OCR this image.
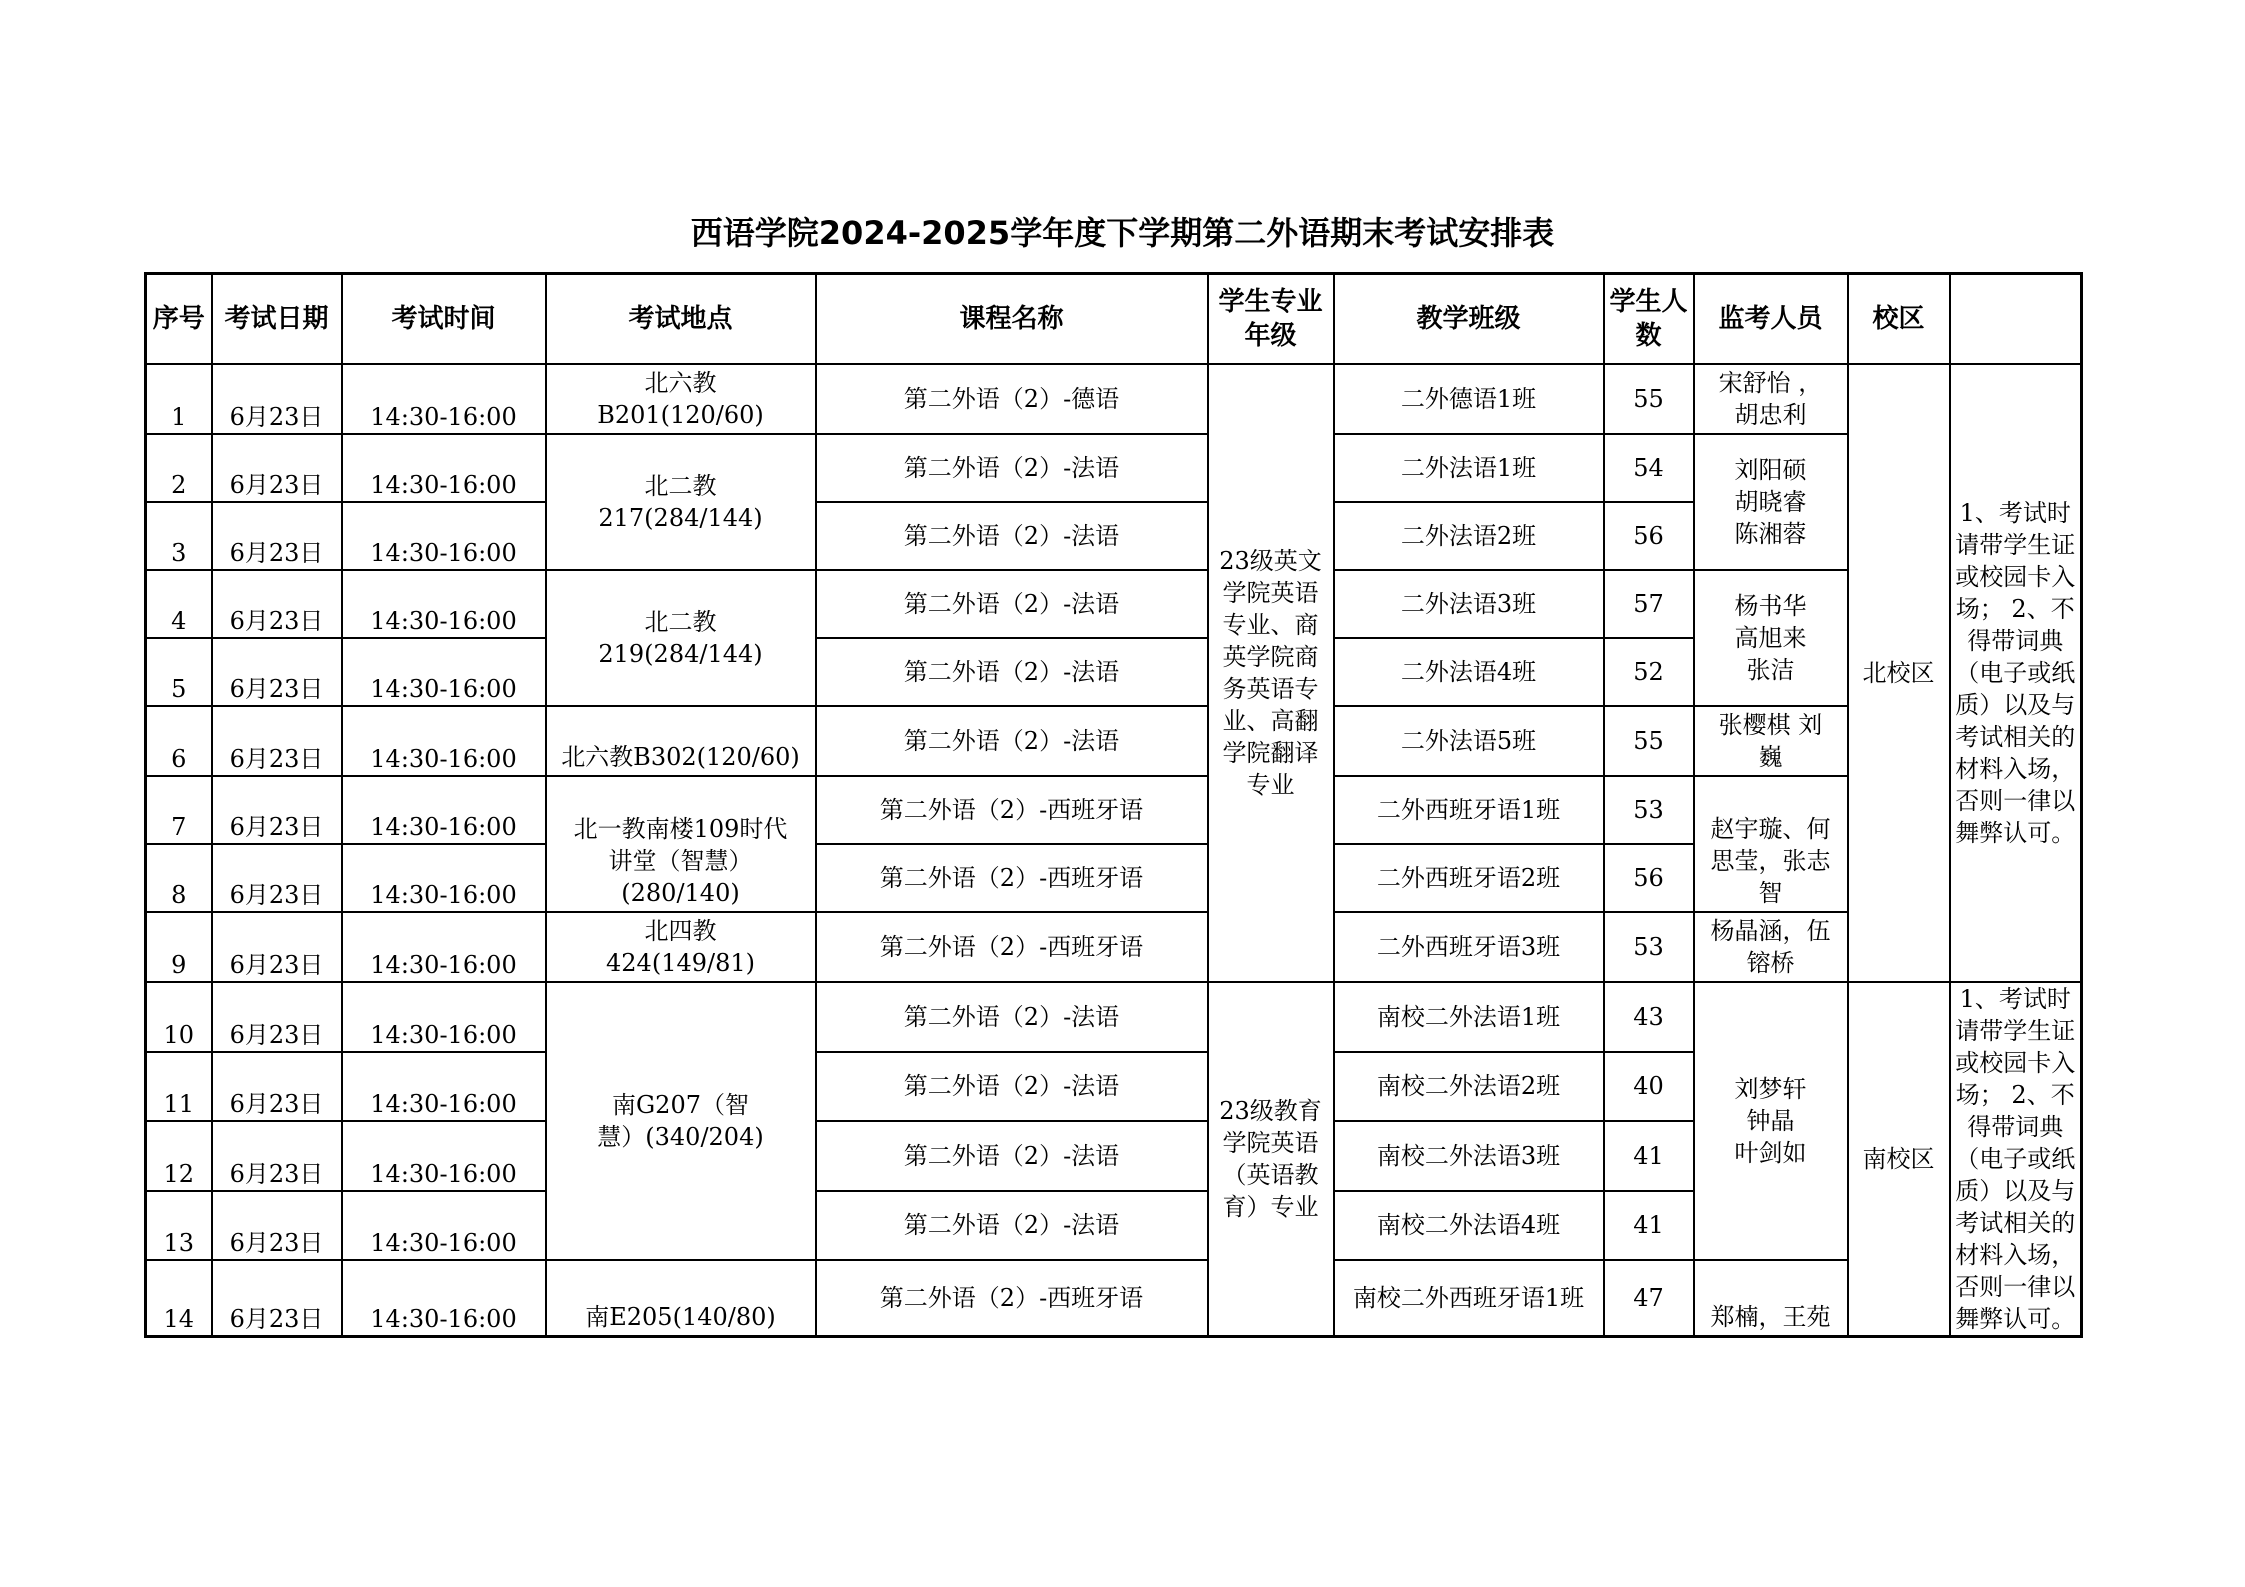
西语学院2024-2025学年度下学期第二外语期末考试安排表
序号	考试日期	考试时间	考试地点	课程名称	学生专业年级	教学班级	学生人数	监考人员	校区	
1	6月23日	14:30-16:00	北六教
B201(120/60)	第二外语（2）-德语	23级英文学院英语专业、商英学院商务英语专业、高翻学院翻译专业	二外德语1班	55	宋舒怡 ，
胡忠利	北校区	1、考试时请带学生证或校园卡入场； 2、不得带词典（电子或纸质）以及与考试相关的材料入场，否则一律以舞弊认可。
2	6月23日	14:30-16:00	北二教
217(284/144)	第二外语（2）-法语		二外法语1班	54	刘阳硕
胡晓睿
陈湘蓉		
3	6月23日	14:30-16:00		第二外语（2）-法语		二外法语2班	56			
4	6月23日	14:30-16:00	北二教
219(284/144)	第二外语（2）-法语		二外法语3班	57	杨书华
高旭来
张洁		
5	6月23日	14:30-16:00		第二外语（2）-法语		二外法语4班	52			
6	6月23日	14:30-16:00	北六教B302(120/60)	第二外语（2）-法语		二外法语5班	55	张樱棋 刘
巍		
7	6月23日	14:30-16:00	北一教南楼109时代
讲堂（智慧）
(280/140)	第二外语（2）-西班牙语		二外西班牙语1班	53	赵宇璇、何
思莹，张志
智		
8	6月23日	14:30-16:00		第二外语（2）-西班牙语		二外西班牙语2班	56			
9	6月23日	14:30-16:00	北四教
424(149/81)	第二外语（2）-西班牙语		二外西班牙语3班	53	杨晶涵，伍
镕桥		
10	6月23日	14:30-16:00	南G207（智
慧）(340/204)	第二外语（2）-法语	23级教育学院英语（英语教育）专业	南校二外法语1班	43	刘梦轩
钟晶
叶剑如	南校区	1、考试时请带学生证或校园卡入场； 2、不得带词典（电子或纸质）以及与考试相关的材料入场，否则一律以舞弊认可。
11	6月23日	14:30-16:00		第二外语（2）-法语		南校二外法语2班	40			
12	6月23日	14:30-16:00		第二外语（2）-法语		南校二外法语3班	41			
13	6月23日	14:30-16:00		第二外语（2）-法语		南校二外法语4班	41			
14	6月23日	14:30-16:00	南E205(140/80)	第二外语（2）-西班牙语		南校二外西班牙语1班	47	郑楠，王苑		
